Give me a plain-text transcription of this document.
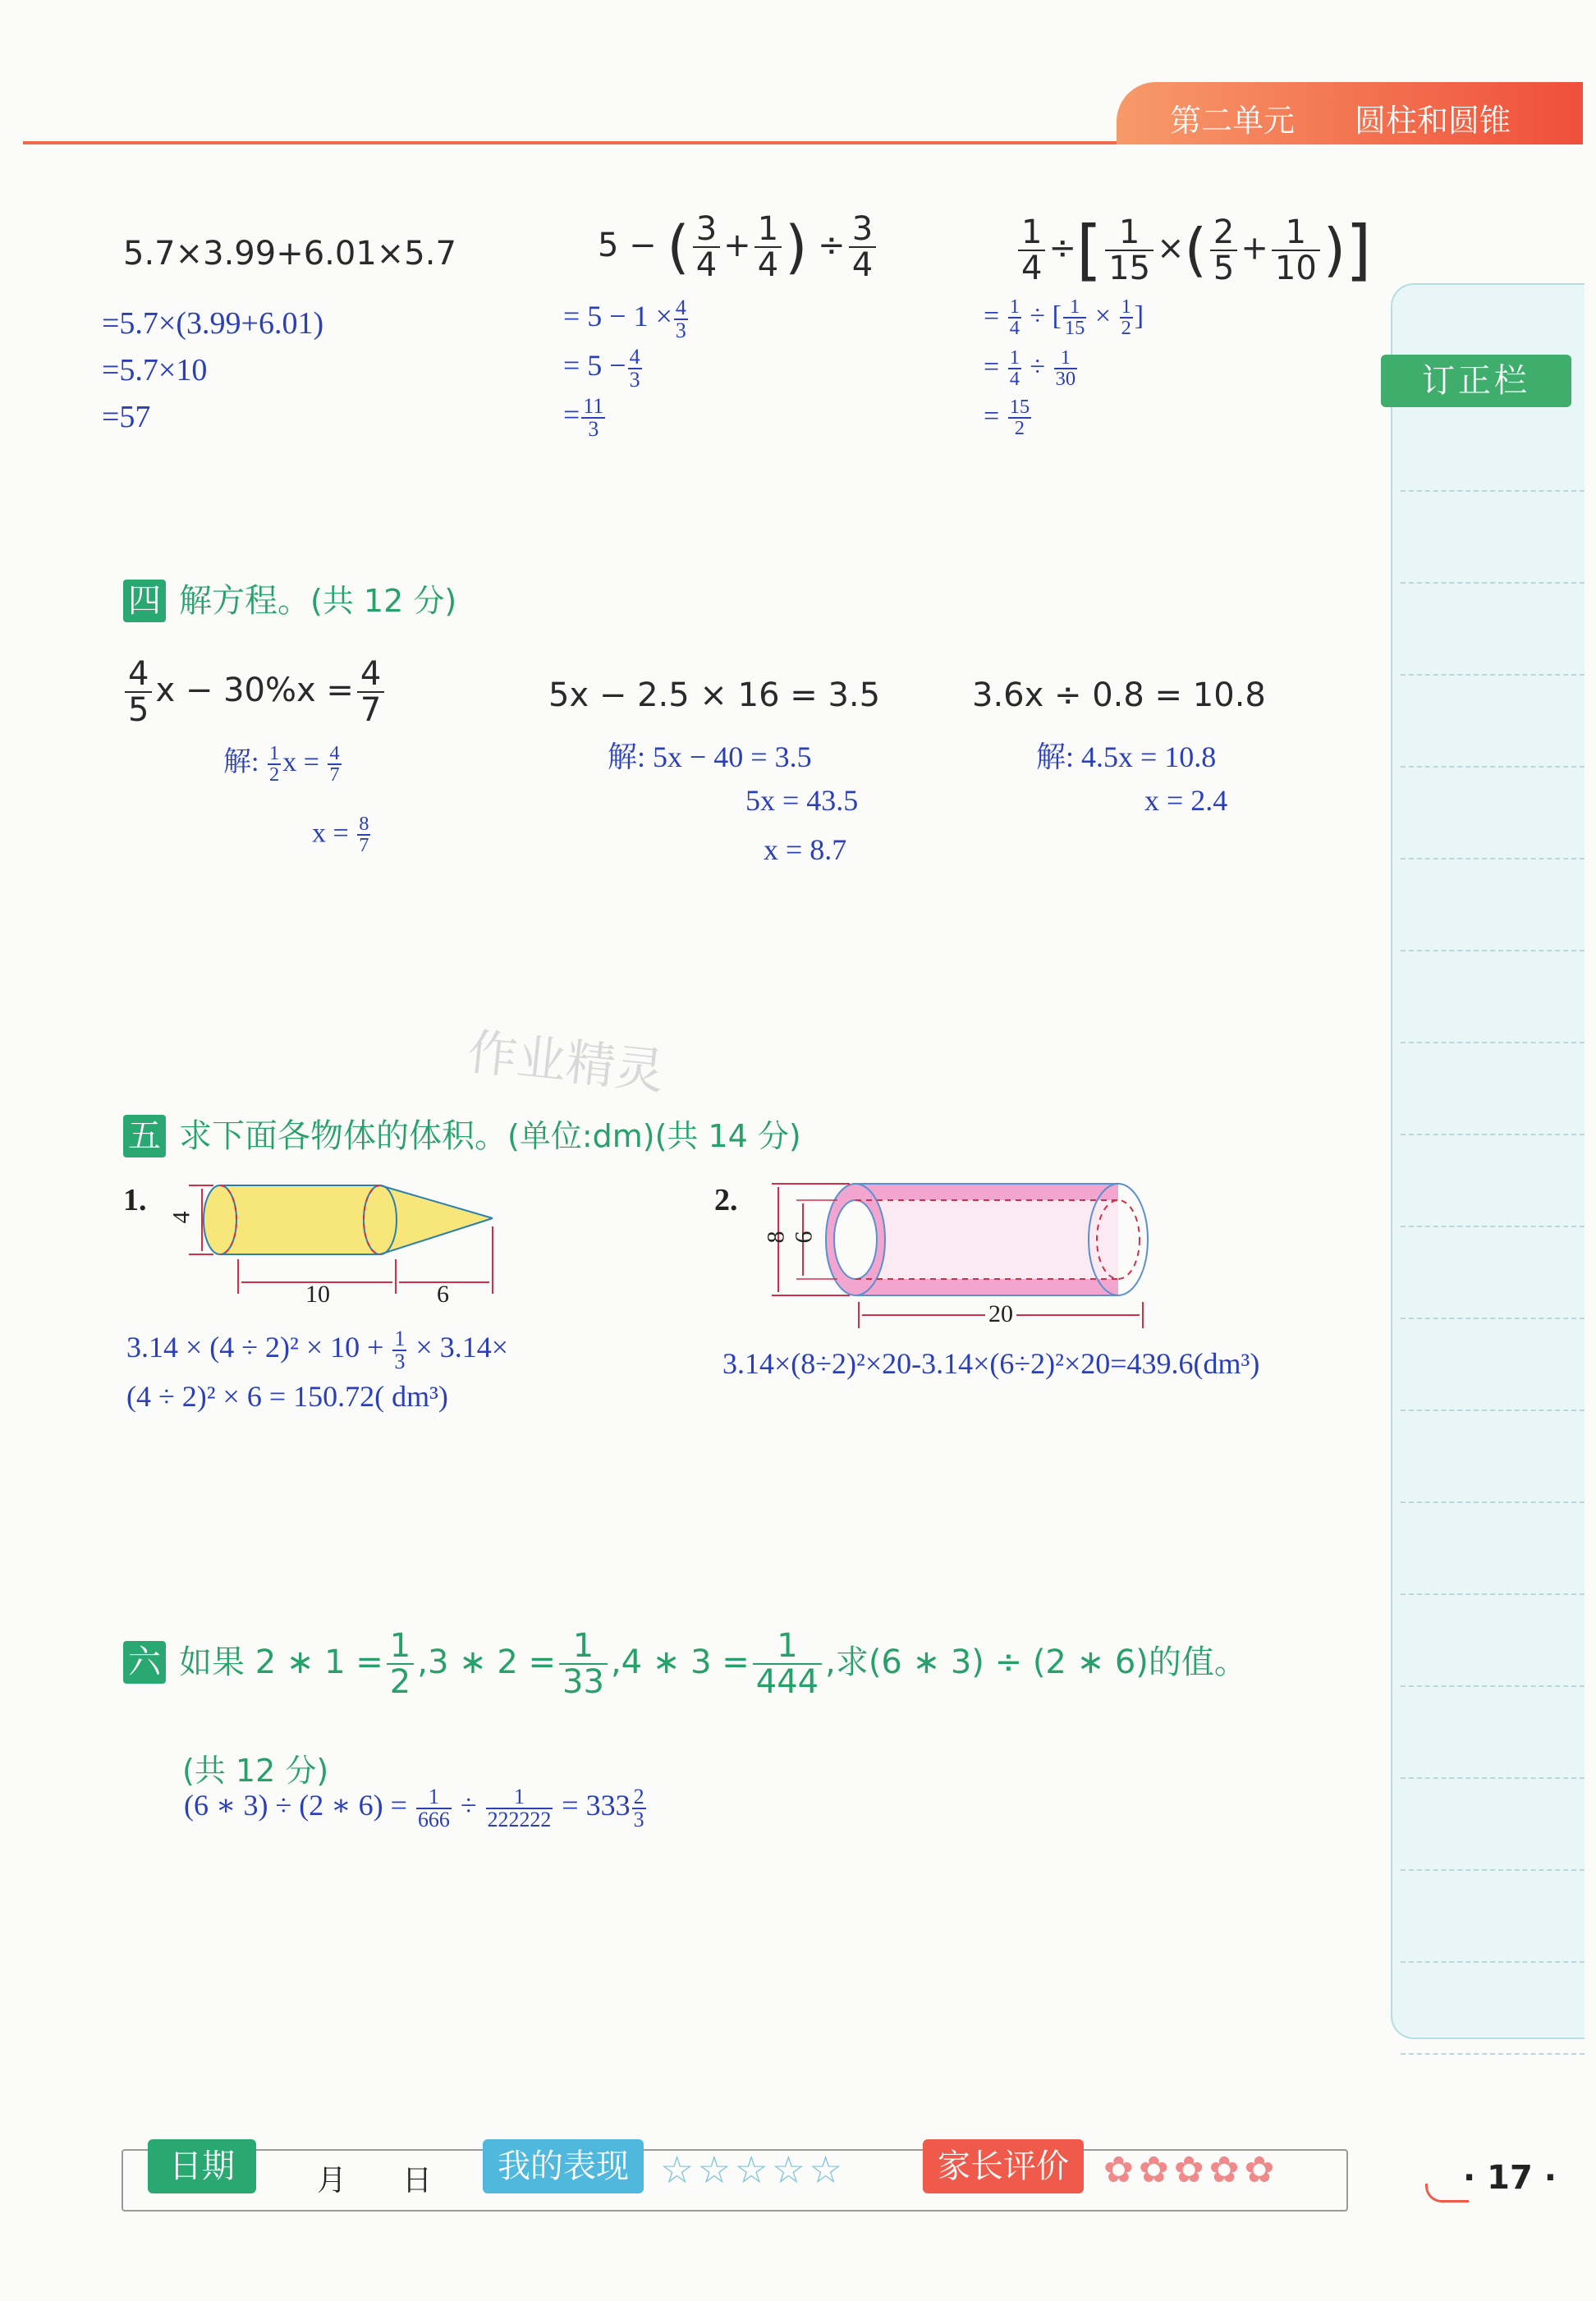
第二单元 圆柱和圆锥
订正栏
5.7×3.99+6.01×5.7
=5.7×(3.99+6.01)
=5.7×10
=57
5 − ( $\frac{3}{4} + \frac{1}{4}$ ) ÷ $\frac{3}{4}$
= $5 - 1 \times \frac{4}{3}$
= $5 - \frac{4}{3}$
= $\frac{11}{3}$
$\frac{1}{4}$ ÷[ $\frac{1}{15}$ ×( $\frac{2}{5} + \frac{1}{10}$ )]
= $\frac{1}{4}$ ÷ [ $\frac{1}{15} \times \frac{1}{2}$ ]
= $\frac{1}{4} \div \frac{1}{30}$
= $\frac{15}{2}$
作业精灵
四 解方程。(共 12 分)
$\frac{4}{5}$ $x - 30\%x = \frac{4}{7}$
解: $\frac{1}{2}$ $x = \frac{4}{7}$
$x = \frac{8}{7}$
5x − 2.5 × 16 = 3.5
解: 5x − 40 = 3.5
5x = 43.5
x = 8.7
3.6x ÷ 0.8 = 10.8
解: 4.5x = 10.8
x = 2.4
五 求下面各物体的体积。(单位:dm)(共 14 分)
1. 4
10	6
$3.14 \times (4 \div 2)^2 \times 10 + \frac{1}{3} \times 3.14\times$
(4 ÷ 2)² × 6 = 150.72( dm³)
2.
8 6
20
3.14×(8÷2)²×20-3.14×(6÷2)²×20=439.6(dm³)
六 如果 2 ∗ $1 = \frac{1}{2} ,3$ ∗ $2 = \frac{1}{33} ,4$ ∗ $3 = \frac{1}{444}$ ,求(6 ∗ 3) ÷ (2 ∗ 6)的值。
(共 12 分)
(6 ∗ 3) ÷ (2 ∗ $6) = \frac{1}{666} \div \frac{1}{222222} = 333 \frac{2}{3}$
日期	月 日	我的表现 ☆☆☆☆☆	家长评价 ✿✿✿✿✿	· 17 ·
